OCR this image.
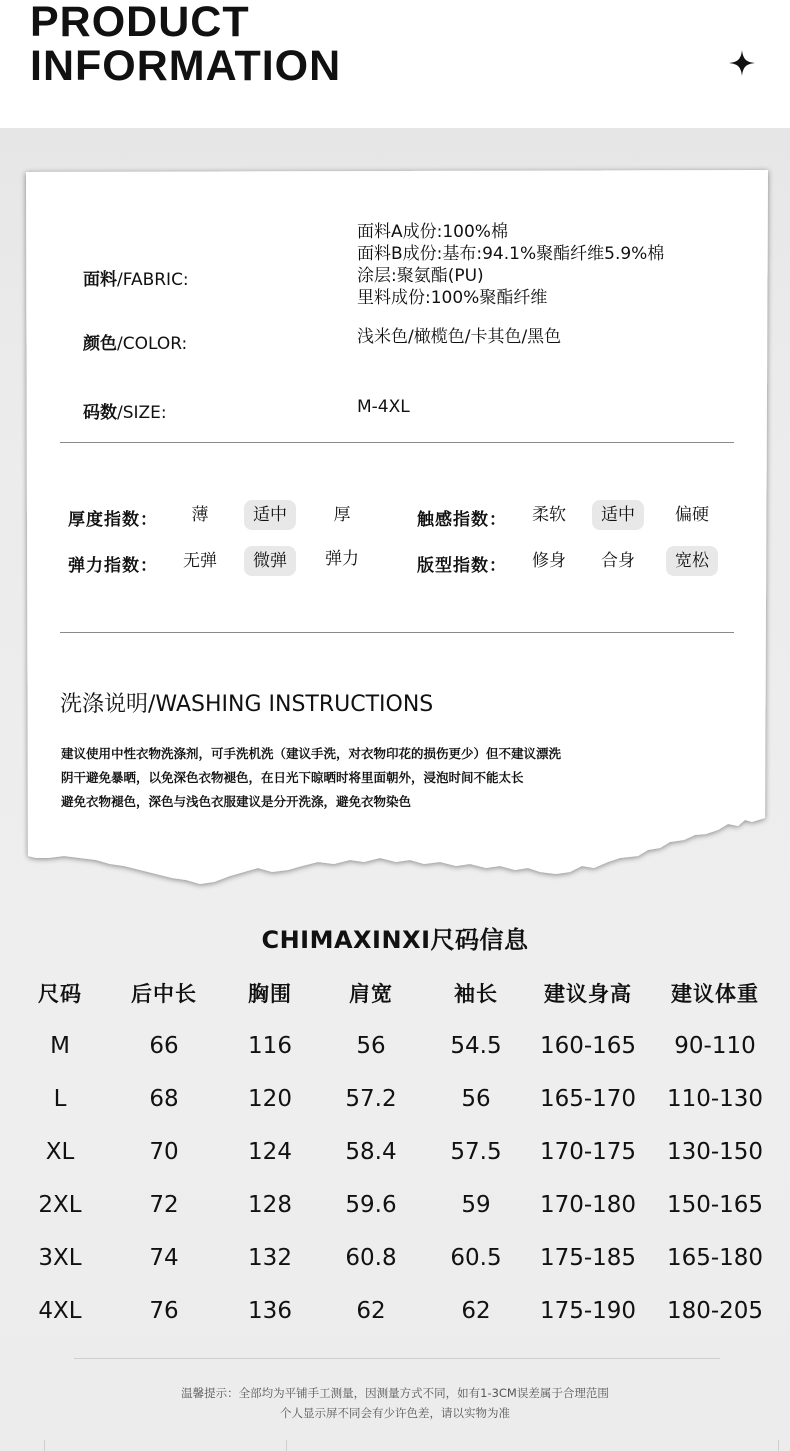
PRODUCT
INFORMATION
面料/FABRIC:
面料A成份:100%棉
面料B成份:基布:94.1%聚酯纤维5.9%棉
涂层:聚氨酯(PU)
里料成份:100%聚酯纤维
颜色/COLOR:	浅米色/橄榄色/卡其色/黑色
码数/SIZE:	M-4XL
厚度指数：	薄	适中	厚	触感指数：	柔软	适中	偏硬
弹力指数：	无弹	微弹	弹力	版型指数：	修身	合身	宽松
洗涤说明/WASHING INSTRUCTIONS
建议使用中性衣物洗涤剂，可手洗机洗（建议手洗，对衣物印花的损伤更少）但不建议漂洗
阴干避免暴晒，以免深色衣物褪色，在日光下晾晒时将里面朝外，浸泡时间不能太长
避免衣物褪色，深色与浅色衣服建议是分开洗涤，避免衣物染色
CHIMAXINXI尺码信息
尺码	后中长	胸围	肩宽	袖长	建议身高	建议体重
M	66	116	56	54.5	160-165	90-110
L	68	120	57.2	56	165-170	110-130
XL	70	124	58.4	57.5	170-175	130-150
2XL	72	128	59.6	59	170-180	150-165
3XL	74	132	60.8	60.5	175-185	165-180
4XL	76	136	62	62	175-190	180-205
温馨提示：全部均为平铺手工测量，因测量方式不同，如有1-3CM误差属于合理范围
个人显示屏不同会有少许色差，请以实物为准
